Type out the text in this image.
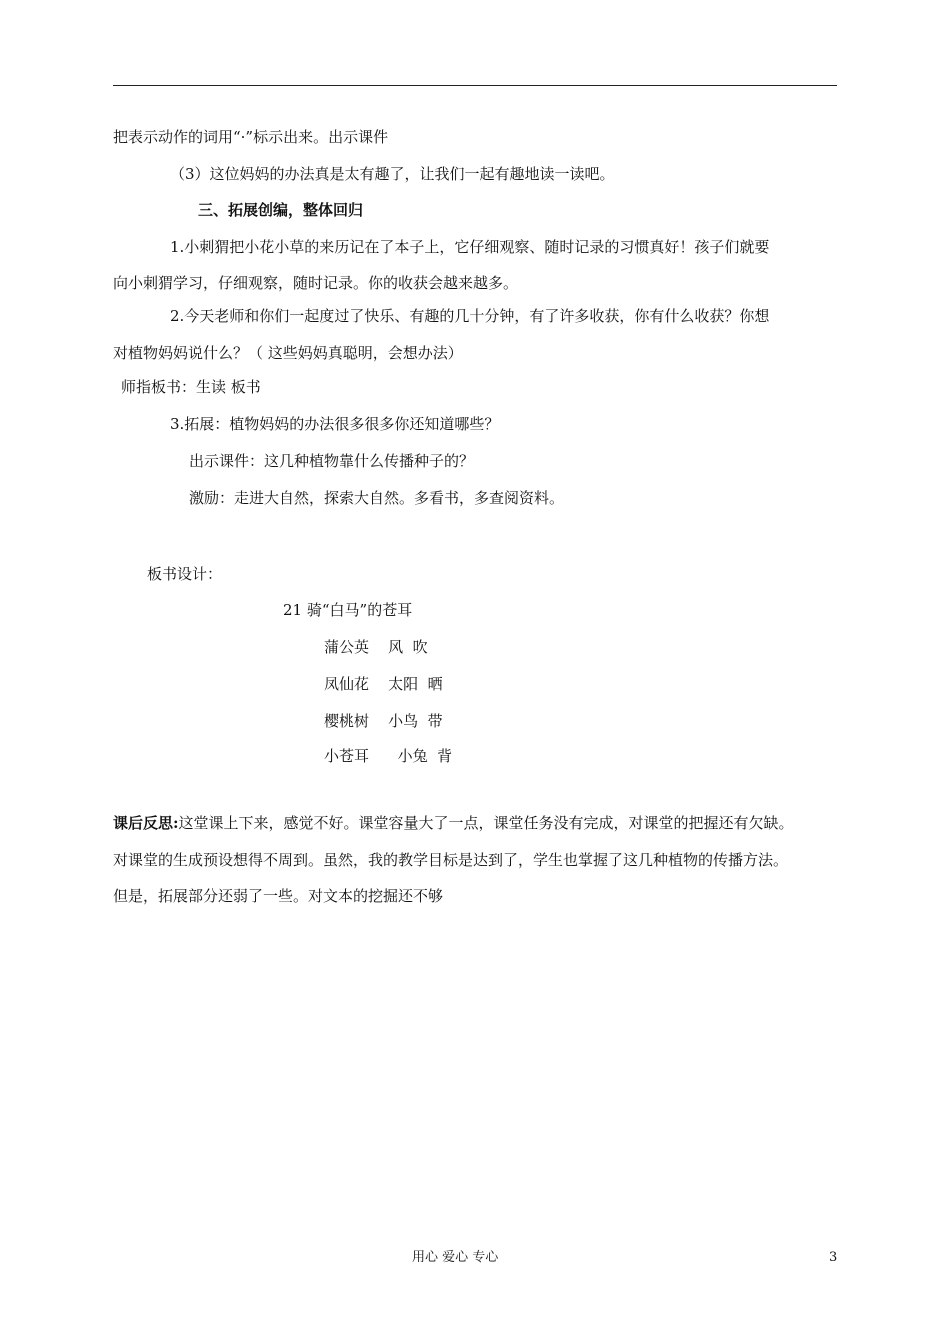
把表示动作的词用“·”标示出来。出示课件
（3）这位妈妈的办法真是太有趣了，让我们一起有趣地读一读吧。
三、拓展创编，整体回归
1.小刺猬把小花小草的来历记在了本子上，它仔细观察、随时记录的习惯真好！孩子们就要
向小刺猬学习，仔细观察，随时记录。你的收获会越来越多。
2.今天老师和你们一起度过了快乐、有趣的几十分钟，有了许多收获，你有什么收获？你想
对植物妈妈说什么？（ 这些妈妈真聪明，会想办法）
师指板书：生读 板书
3.拓展：植物妈妈的办法很多很多你还知道哪些？
出示课件：这几种植物靠什么传播种子的？
激励：走进大自然，探索大自然。多看书，多查阅资料。
板书设计：
21 骑“白马”的苍耳
蒲公英    风  吹
凤仙花    太阳  晒
樱桃树    小鸟  带
小苍耳      小兔  背
课后反思:这堂课上下来，感觉不好。课堂容量大了一点，课堂任务没有完成，对课堂的把握还有欠缺。
对课堂的生成预设想得不周到。虽然，我的教学目标是达到了，学生也掌握了这几种植物的传播方法。
但是，拓展部分还弱了一些。对文本的挖掘还不够
用心 爱心 专心	3
